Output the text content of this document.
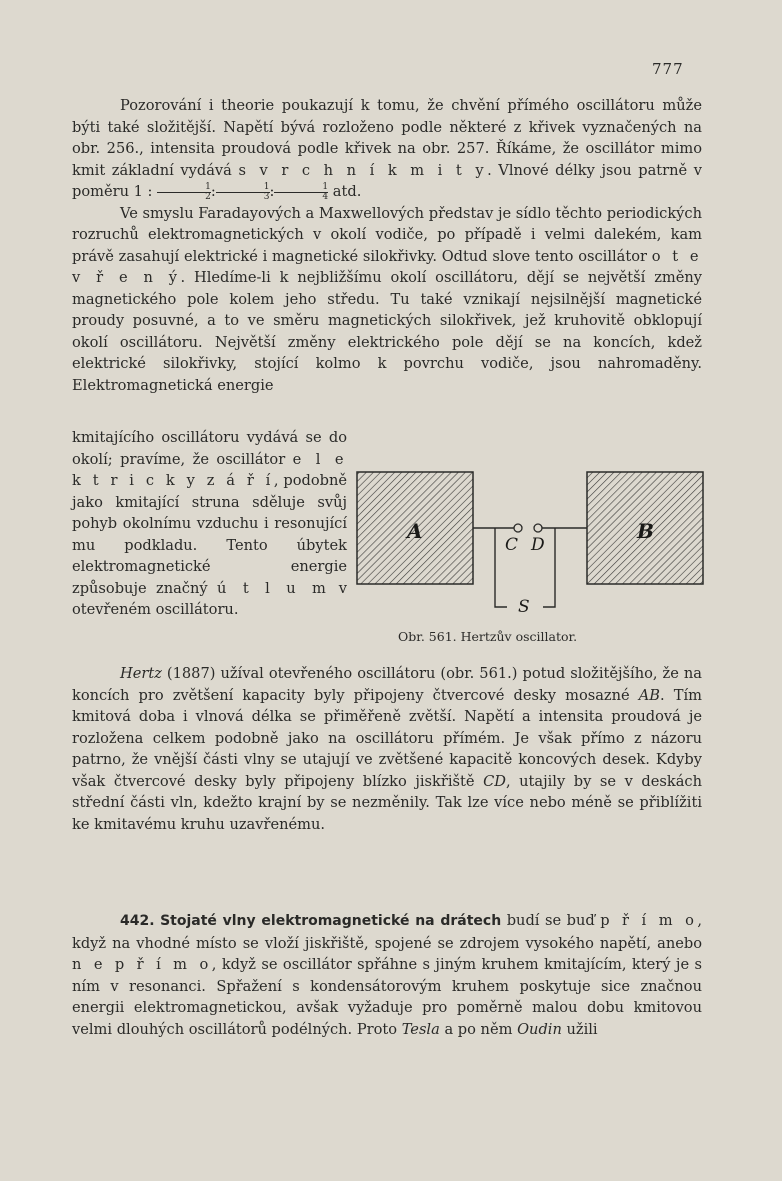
777

Pozorování i theorie poukazují k tomu, že chvění přímého oscillátoru může býti také složitější. Napětí bývá rozloženo podle některé z křivek vyznačených na obr. 256., intensita proudová podle křivek na obr. 257. Říkáme, že oscillátor mimo kmit základní vydává s v r c h n í k m i t y. Vlnové délky jsou patrně v poměru 1 : $\frac{1}{2}$ : $\frac{1}{3}$ : $\frac{1}{4}$ atd.

Ve smyslu Faradayových a Maxwellových představ je sídlo těchto periodických rozruchů elektromagnetických v okolí vodiče, po případě i velmi dalekém, kam právě zasahují elektrické i magnetické silokřivky. Odtud slove tento oscillátor o t e v ř e n ý. Hledíme-li k nejbližšímu okolí oscillátoru, dějí se největší změny magnetického pole kolem jeho středu. Tu také vznikají nejsilnější magnetické proudy posuvné, a to ve směru magnetických silokřivek, jež kruhovitě obklopují okolí oscillátoru. Největší změny elektrického pole dějí se na koncích, kdež elektrické silokřivky, stojící kolmo k povrchu vodiče, jsou nahromaděny. Elektromagnetická energie

kmitajícího oscillátoru vydává se do okolí; pravíme, že oscillátor e l e k t r i c k y z á ř í, podobně jako kmitající struna sděluje svůj pohyb okolnímu vzduchu i resonující mu podkladu. Tento úbytek elektromagnetické energie způsobuje značný ú t l u m v otevřeném oscillátoru.

A	B
C D
S
Obr. 561. Hertzův oscillator.

Hertz (1887) užíval otevřeného oscillátoru (obr. 561.) potud složitějšího, že na koncích pro zvětšení kapacity byly připojeny čtvercové desky mosazné AB. Tím kmitová doba i vlnová délka se přiměřeně zvětší. Napětí a intensita proudová je rozložena celkem podobně jako na oscillátoru přímém. Je však přímo z názoru patrno, že vnější části vlny se utajují ve zvětšené kapacitě koncových desek. Kdyby však čtvercové desky byly připojeny blízko jiskřiště CD, utajily by se v deskách střední části vln, kdežto krajní by se nezměnily. Tak lze více nebo méně se přiblížiti ke kmitavému kruhu uzavřenému.

442. Stojaté vlny elektromagnetické na drátech budí se buď p ř í m o, když na vhodné místo se vloží jiskřiště, spojené se zdrojem vysokého napětí, anebo n e p ř í m o, když se oscillátor spřáhne s jiným kruhem kmitajícím, který je s ním v resonanci. Spřažení s kondensátorovým kruhem poskytuje sice značnou energii elektromagnetickou, avšak vyžaduje pro poměrně malou dobu kmitovou velmi dlouhých oscillátorů podélných. Proto Tesla a po něm Oudin užili
